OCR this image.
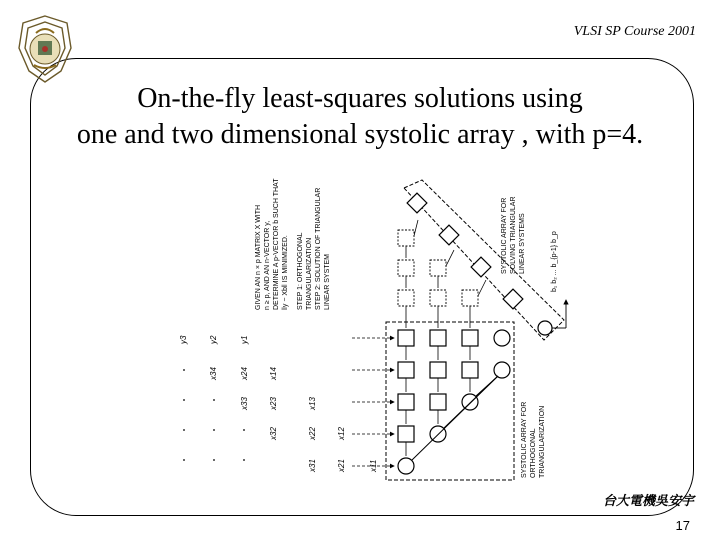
VLSI SP Course 2001
On-the-fly least-squares solutions using
one and two dimensional systolic array , with p=4.
GIVEN AN n × p MATRIX X WITH n ≥ p, AND AN n-VECTOR y, DETERMINE A p-VECTOR b SUCH THAT ‖y − Xb‖ IS MINIMIZED. STEP 1: ORTHOGONAL TRIANGULARIZATION STEP 2: SOLUTION OF TRIANGULAR LINEAR SYSTEM
y3	y2	y1
x34	x24	x14
x33	x23	x13
x32	x22	x12
x31	x21	x11
SYSTOLIC ARRAY FOR SOLVING TRIANGULAR LINEAR SYSTEMS	b₁ b₂ ... b_{p-1} b_p
SYSTOLIC ARRAY FOR ORTHOGONAL TRIANGULARIZATION
台大電機吳安宇
17
